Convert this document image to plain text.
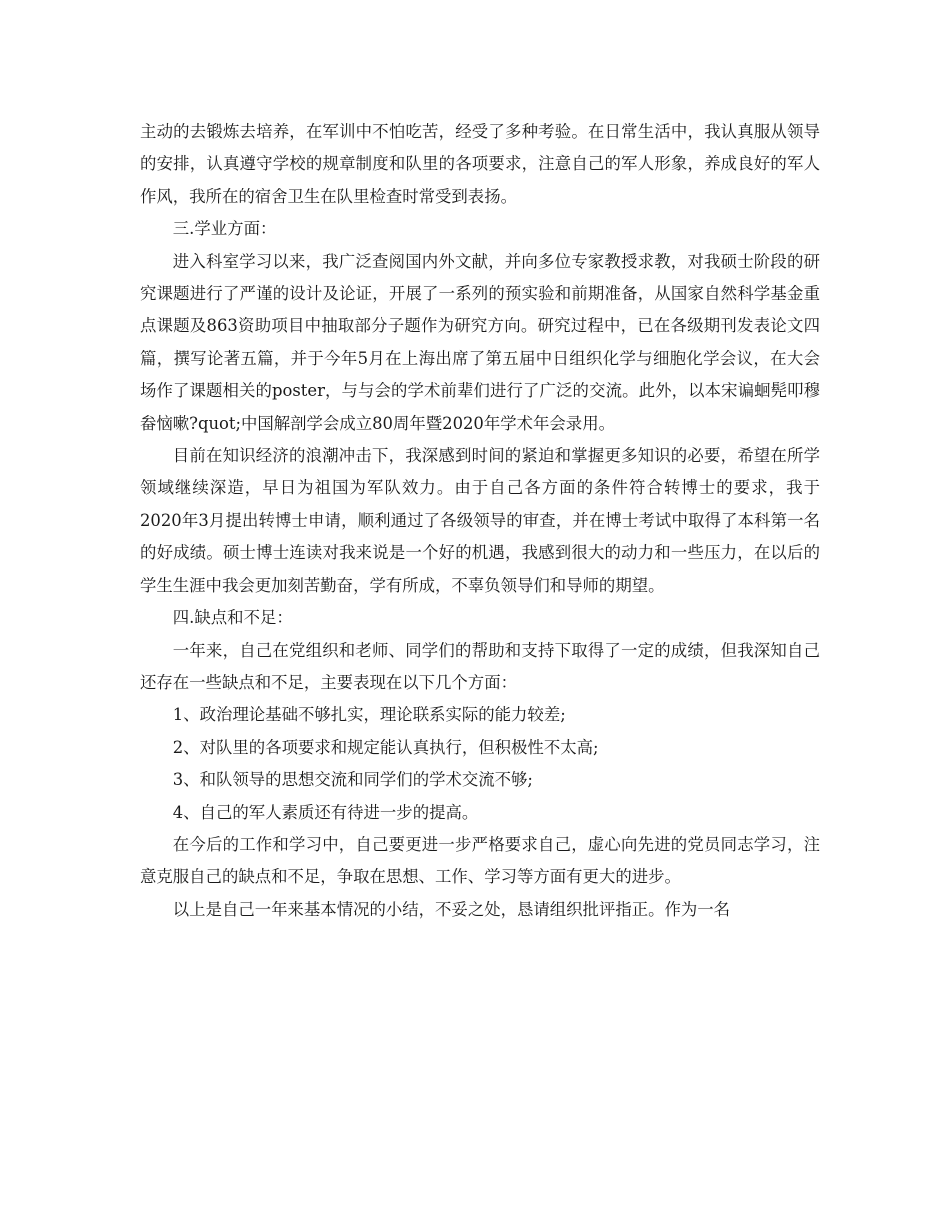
主动的去锻炼去培养，在军训中不怕吃苦，经受了多种考验。在日常生活中，我认真服从领导的安排，认真遵守学校的规章制度和队里的各项要求，注意自己的军人形象，养成良好的军人作风，我所在的宿舍卫生在队里检查时常受到表扬。

三.学业方面：

进入科室学习以来，我广泛查阅国内外文献，并向多位专家教授求教，对我硕士阶段的研究课题进行了严谨的设计及论证，开展了一系列的预实验和前期准备，从国家自然科学基金重点课题及863资助项目中抽取部分子题作为研究方向。研究过程中，已在各级期刊发表论文四篇，撰写论著五篇，并于今年5月在上海出席了第五届中日组织化学与细胞化学会议，在大会场作了课题相关的poster，与与会的学术前辈们进行了广泛的交流。此外，以本宋谝蛔髡叩穆畚恼嗽?quot;中国解剖学会成立80周年暨2020年学术年会录用。

目前在知识经济的浪潮冲击下，我深感到时间的紧迫和掌握更多知识的必要，希望在所学领域继续深造，早日为祖国为军队效力。由于自己各方面的条件符合转博士的要求，我于2020年3月提出转博士申请，顺利通过了各级领导的审查，并在博士考试中取得了本科第一名的好成绩。硕士博士连读对我来说是一个好的机遇，我感到很大的动力和一些压力，在以后的学生生涯中我会更加刻苦勤奋，学有所成，不辜负领导们和导师的期望。

四.缺点和不足：

一年来，自己在党组织和老师、同学们的帮助和支持下取得了一定的成绩，但我深知自己还存在一些缺点和不足，主要表现在以下几个方面：

1、政治理论基础不够扎实，理论联系实际的能力较差;

2、对队里的各项要求和规定能认真执行，但积极性不太高;

3、和队领导的思想交流和同学们的学术交流不够;

4、自己的军人素质还有待进一步的提高。

在今后的工作和学习中，自己要更进一步严格要求自己，虚心向先进的党员同志学习，注意克服自己的缺点和不足，争取在思想、工作、学习等方面有更大的进步。

以上是自己一年来基本情况的小结，不妥之处，恳请组织批评指正。作为一名
